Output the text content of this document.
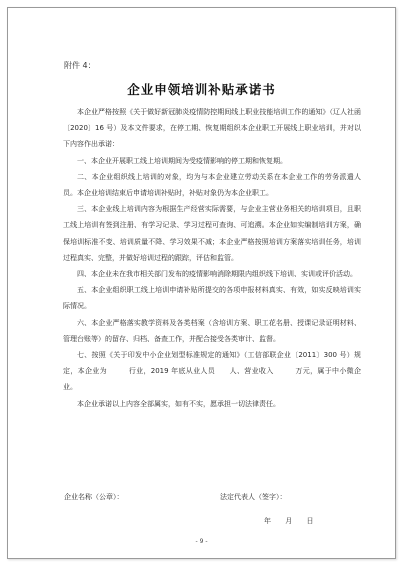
附件 4：
企业申领培训补贴承诺书

本企业严格按照《关于做好新冠肺炎疫情防控期间线上职业技能培训工作的通知》（辽人社函〔2020〕16 号）及本文件要求，在停工期、恢复期组织本企业职工开展线上职业培训，并对以下内容作出承诺：

一、本企业开展职工线上培训期间为受疫情影响的停工期和恢复期。

二、本企业组织线上培训的对象，均为与本企业建立劳动关系在本企业工作的劳务派遣人员。本企业培训结束后申请培训补贴时，补贴对象仍为本企业职工。

三、本企业线上培训内容为根据生产经营实际需要，与企业主营业务相关的培训项目，且职工线上培训有签到注册、有学习记录、学习过程可查询、可追溯。本企业如实编制培训方案，确保培训标准不变、培训质量不降、学习效果不减；本企业严格按照培训方案落实培训任务，培训过程真实、完整，并做好培训过程的跟踪，评估和监管。

四、本企业未在我市相关部门发布的疫情影响消除期限内组织线下培训、实训或评价活动。

五、本企业组织职工线上培训申请补贴所提交的各项申报材料真实、有效，如实反映培训实际情况。

六、本企业严格落实教学资料及各类档案（含培训方案、职工花名册、授课记录证明材料、管理台账等）的留存、归档、备查工作，并配合接受各类审计、监督。

七、按照《关于印发中小企业划型标准规定的通知》（工信部联企业〔2011〕300 号）规定，本企业为　　　行业，2019 年底从业人员　　人、营业收入　　　万元，属于中小微企业。

本企业承诺以上内容全部属实，如有不实，愿承担一切法律责任。

企业名称（公章）：	法定代表人（签字）：
年 月 日
- 9 -
